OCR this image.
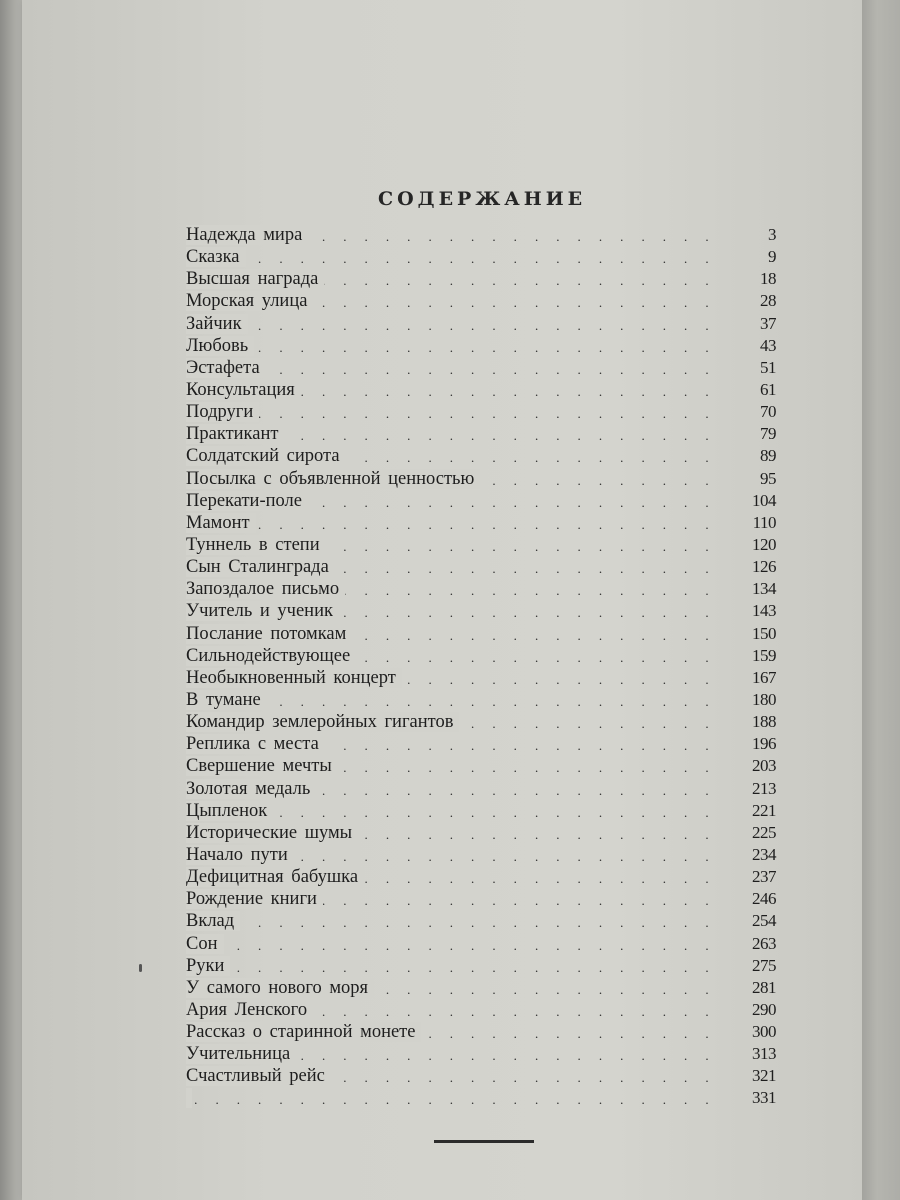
СОДЕРЖАНИЕ
. . .
Надежда мира	3
. . .
Сказка	9
. . .
Высшая награда	18
. . .
Морская улица	28
. . .
Зайчик	37
. . .
Любовь	43
. . .
Эстафета	51
. . .
Консультация	61
. . .
Подруги	70
. . .
Практикант	79
. . .
Солдатский сирота	89
. . .
Посылка с объявленной ценностью	95
. . .
Перекати-поле	104
. . .
Мамонт	110
. . .
Туннель в степи	120
. . .
Сын Сталинграда	126
. . .
Запоздалое письмо	134
. . .
Учитель и ученик	143
. . .
Послание потомкам	150
. . .
Сильнодействующее	159
. . .
Необыкновенный концерт	167
. . .
В тумане	180
. . .
Командир землеройных гигантов	188
. . .
Реплика с места	196
. . .
Свершение мечты	203
. . .
Золотая медаль	213
. . .
Цыпленок	221
. . .
Исторические шумы	225
. . .
Начало пути	234
. . .
Дефицитная бабушка	237
. . .
Рождение книги	246
. . .
Вклад	254
. . .
Сон	263
. . .
Руки	275
. . .
У самого нового моря	281
. . .
Ария Ленского	290
. . .
Рассказ о старинной монете	300
. . .
Учительница	313
. . .
Счастливый рейс	321
. . .
331
